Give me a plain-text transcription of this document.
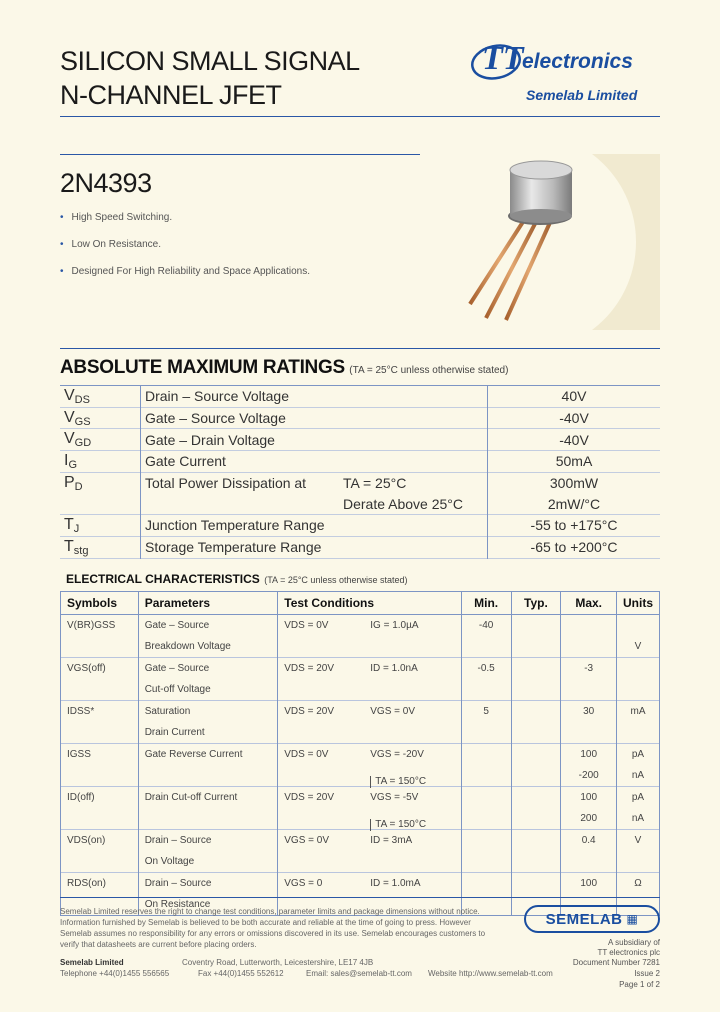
SILICON SMALL SIGNAL
N-CHANNEL JFET
TT
electronics
Semelab Limited
2N4393
• High Speed Switching.
• Low On Resistance.
• Designed For High Reliability and Space Applications.
ABSOLUTE MAXIMUM RATINGS (TA = 25°C unless otherwise stated)
$V_{DS}$	Drain – Source Voltage		40V
$V_{GS}$	Gate – Source Voltage		-40V
$V_{GD}$	Gate – Drain Voltage		-40V
$I_G$	Gate Current		50mA
$P_D$	Total Power Dissipation at	TA = 25°C	300mW
		Derate Above 25°C	2mW/°C
$T_J$	Junction Temperature Range		-55 to +175°C
$T_{stg}$	Storage Temperature Range		-65 to +200°C
ELECTRICAL CHARACTERISTICS (TA = 25°C unless otherwise stated)
Symbols	Parameters	Test Conditions	Min.	Typ.	Max.	Units
V(BR)GSS	Gate – Source	VDS = 0V IG = 1.0µA	-40			
	Breakdown Voltage					V
VGS(off)	Gate – Source	VDS = 20V ID = 1.0nA	-0.5		-3	
	Cut-off Voltage	

IDSS*	Saturation	VDS = 20V VGS = 0V	5		30	mA
	Drain Current	

IGSS	Gate Reverse Current	VDS = 0V VGS = -20V			100	pA

		TA = 150°C			-200	nA
ID(off)	Drain Cut-off Current	VDS = 20V VGS = -5V			100	pA

		TA = 150°C			200	nA
VDS(on)	Drain – Source	VGS = 0V ID = 3mA			0.4	V
	On Voltage	

RDS(on)	Drain – Source	VGS = 0 ID = 1.0mA			100	Ω
	On Resistance	

Semelab Limited reserves the right to change test conditions, parameter limits and package dimensions without notice.
Information furnished by Semelab is believed to be both accurate and reliable at the time of going to press. However
Semelab assumes no responsibility for any errors or omissions discovered in its use. Semelab encourages customers to
verify that datasheets are current before placing orders.
SEMELAB ▦
A subsidiary of
TT electronics plc
Semelab Limited	Coventry Road, Lutterworth, Leicestershire, LE17 4JB
Telephone +44(0)1455 556565	Fax +44(0)1455 552612	Email: sales@semelab-tt.com Website http://www.semelab-tt.com
Document Number 7281
Issue 2
Page 1 of 2
